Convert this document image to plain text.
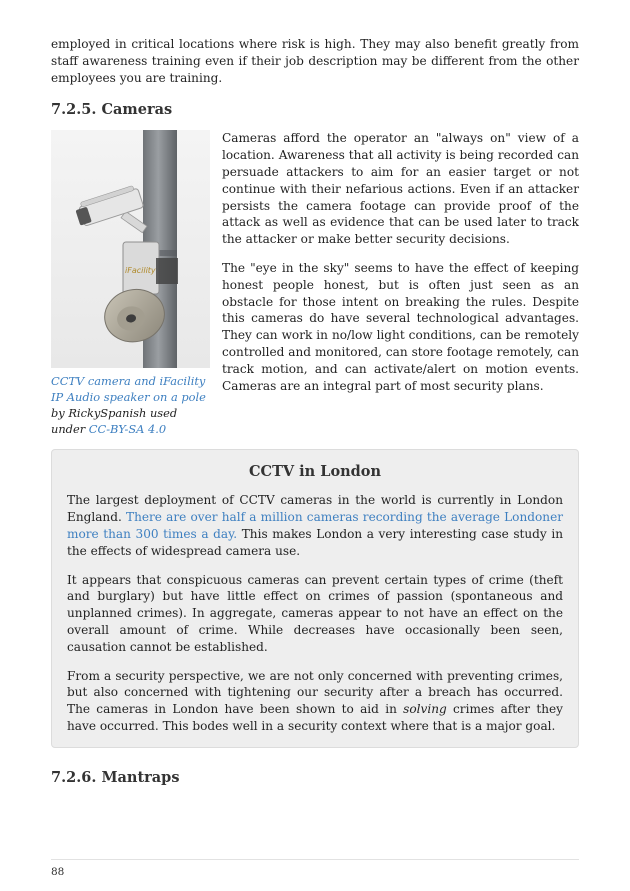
employed in critical locations where risk is high. They may also benefit greatly from staff awareness training even if their job description may be different from the other employees you are training.

7.2.5. Cameras
iFacility
CCTV camera and iFacility IP Audio speaker on a pole by RickySpanish used under CC-BY-SA 4.0

Cameras afford the operator an "always on" view of a location. Awareness that all activity is being recorded can persuade attackers to aim for an easier target or not continue with their nefarious actions. Even if an attacker persists the camera footage can provide proof of the attack as well as evidence that can be used later to track the attacker or make better security decisions.

The "eye in the sky" seems to have the effect of keeping honest people honest, but is often just seen as an obstacle for those intent on breaking the rules. Despite this cameras do have several technological advantages. They can work in no/low light conditions, can be remotely controlled and monitored, can store footage remotely, can track motion, and can activate/alert on motion events. Cameras are an integral part of most security plans.

CCTV in London

The largest deployment of CCTV cameras in the world is currently in London England. There are over half a million cameras recording the average Londoner more than 300 times a day. This makes London a very interesting case study in the effects of widespread camera use.

It appears that conspicuous cameras can prevent certain types of crime (theft and burglary) but have little effect on crimes of passion (spontaneous and unplanned crimes). In aggregate, cameras appear to not have an effect on the overall amount of crime. While decreases have occasionally been seen, causation cannot be established.

From a security perspective, we are not only concerned with preventing crimes, but also concerned with tightening our security after a breach has occurred. The cameras in London have been shown to aid in solving crimes after they have occurred. This bodes well in a security context where that is a major goal.

7.2.6. Mantraps
88
